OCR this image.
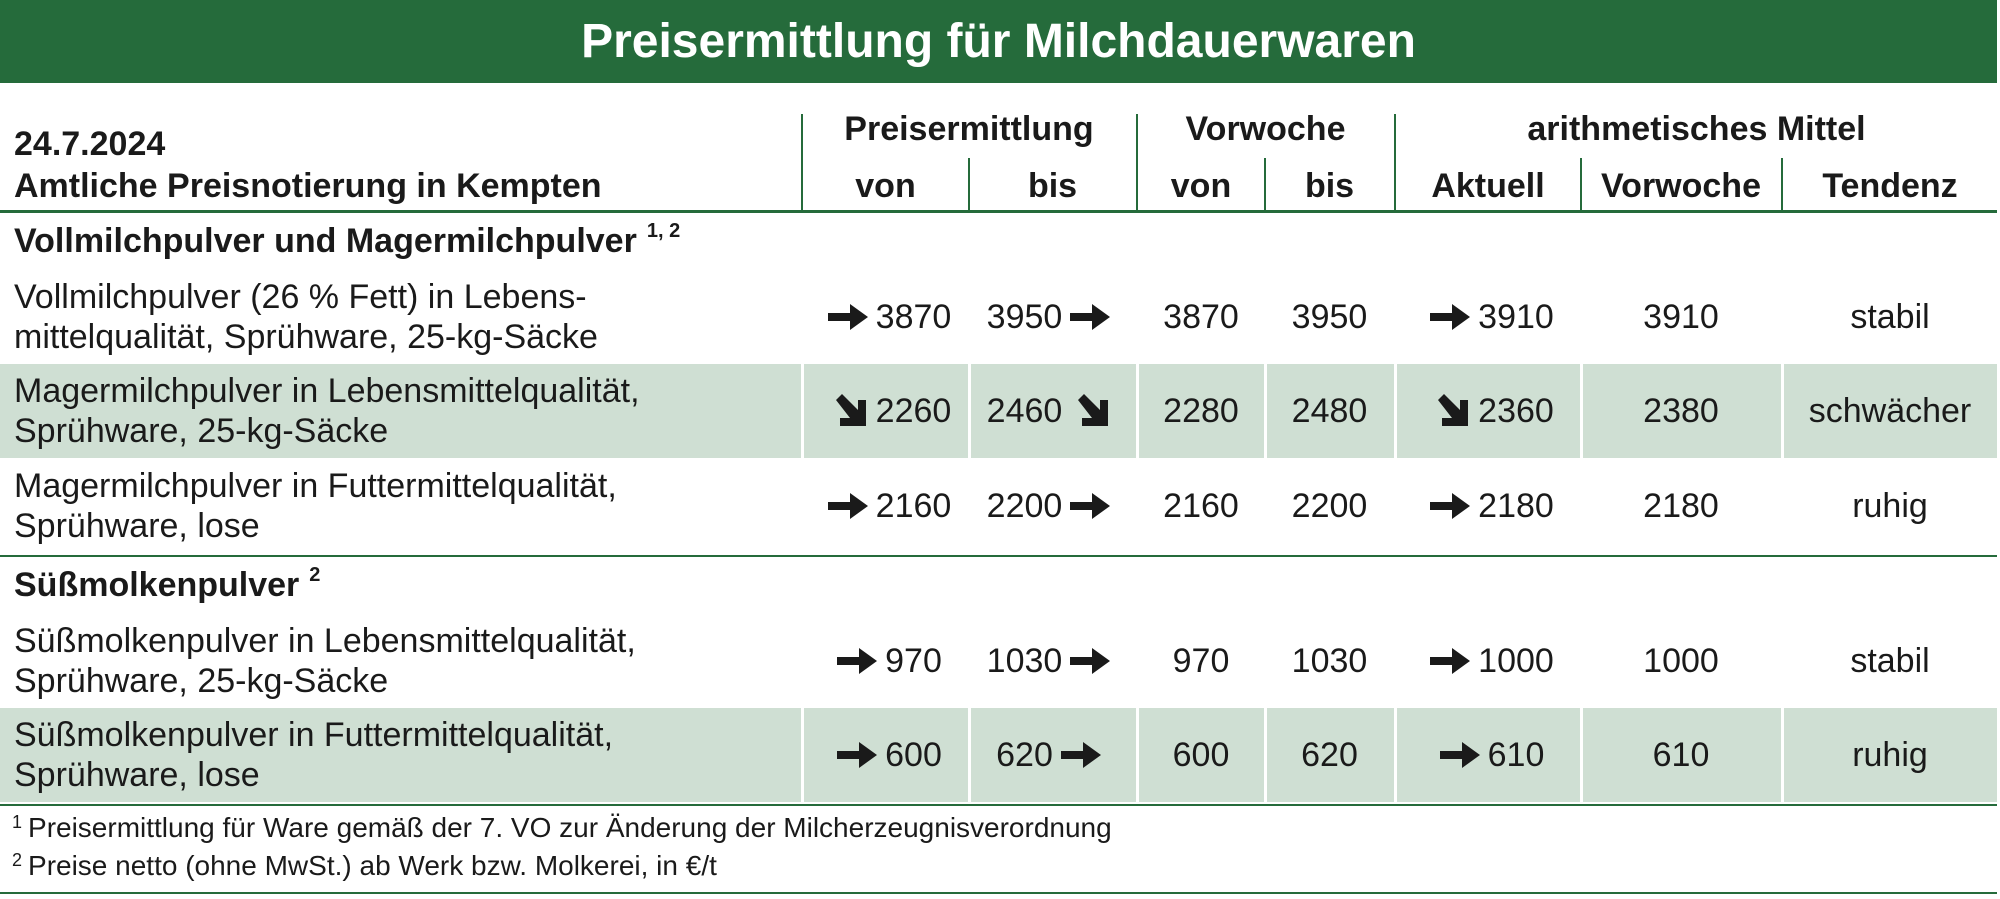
Preisermittlung für Milchdauerwaren
24.7.2024
Amtliche Preisnotierung in Kempten
Preisermittlung	Vorwoche	arithmetisches Mittel
von	bis	von	bis	Aktuell	Vorwoche	Tendenz
Vollmilchpulver und Magermilchpulver $^{1, 2}$
Vollmilchpulver (26 % Fett) in Lebens-
mittelqualität, Sprühware, 25-kg-Säcke
3870 3950	3870 3950	3910	3910	stabil
Magermilchpulver in Lebensmittelqualität,
Sprühware, 25-kg-Säcke
2260 2460	2280 2480	2360	2380	schwächer
Magermilchpulver in Futtermittelqualität,
Sprühware, lose
2160 2200	2160 2200	2180	2180	ruhig
Süßmolkenpulver $^2$
Süßmolkenpulver in Lebensmittelqualität,
Sprühware, 25-kg-Säcke
970 1030	970 1030	1000	1000	stabil
Süßmolkenpulver in Futtermittelqualität,
Sprühware, lose
600 620	600 620	610	610	ruhig
$^1$ Preisermittlung für Ware gemäß der 7. VO zur Änderung der Milcherzeugnisverordnung
$^2$ Preise netto (ohne MwSt.) ab Werk bzw. Molkerei, in €/t
